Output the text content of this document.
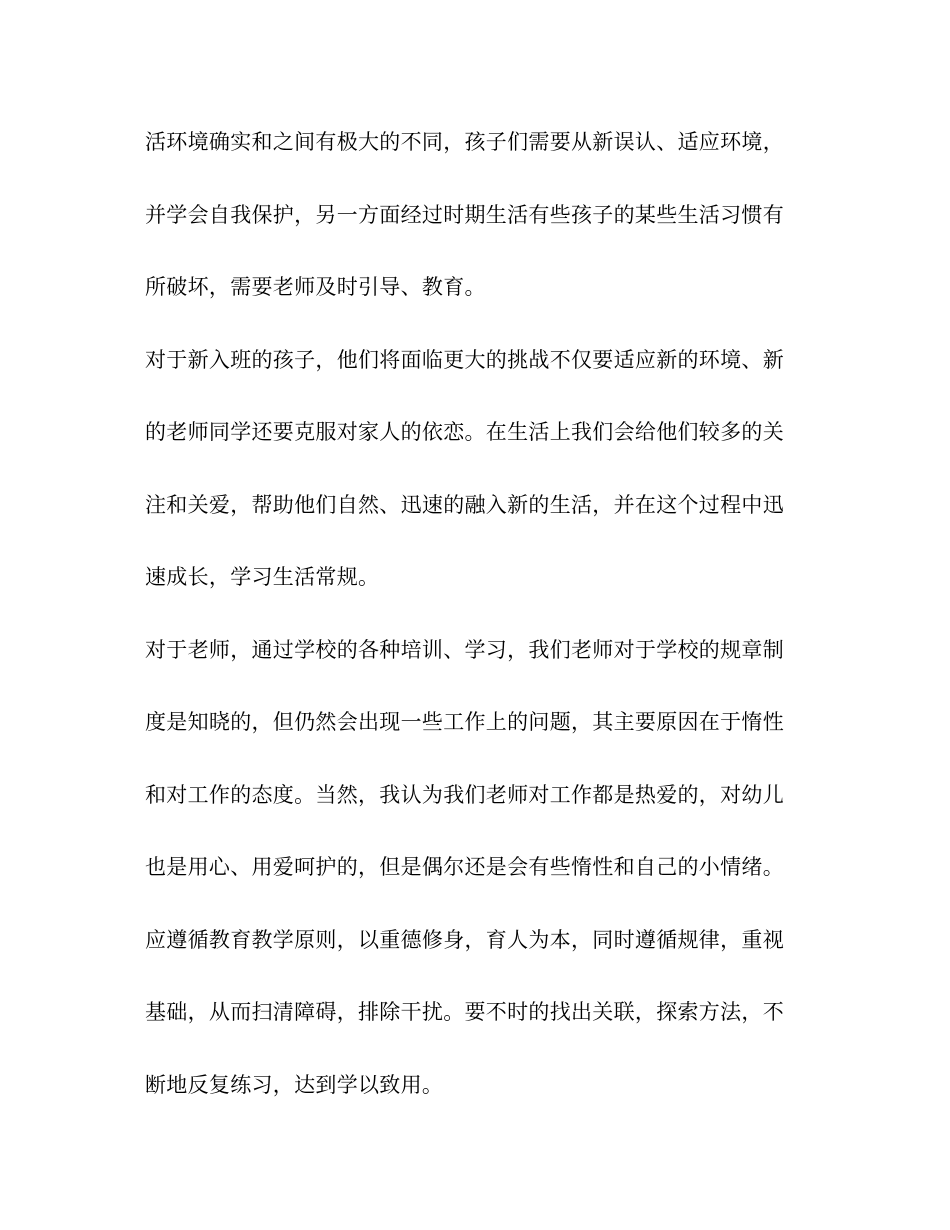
活环境确实和之间有极大的不同，孩子们需要从新误认、适应环境，
并学会自我保护，另一方面经过时期生活有些孩子的某些生活习惯有
所破坏，需要老师及时引导、教育。
对于新入班的孩子，他们将面临更大的挑战不仅要适应新的环境、新
的老师同学还要克服对家人的依恋。在生活上我们会给他们较多的关
注和关爱，帮助他们自然、迅速的融入新的生活，并在这个过程中迅
速成长，学习生活常规。
对于老师，通过学校的各种培训、学习，我们老师对于学校的规章制
度是知晓的，但仍然会出现一些工作上的问题，其主要原因在于惰性
和对工作的态度。当然，我认为我们老师对工作都是热爱的，对幼儿
也是用心、用爱呵护的，但是偶尔还是会有些惰性和自己的小情绪。
应遵循教育教学原则，以重德修身，育人为本，同时遵循规律，重视
基础，从而扫清障碍，排除干扰。要不时的找出关联，探索方法，不
断地反复练习，达到学以致用。
